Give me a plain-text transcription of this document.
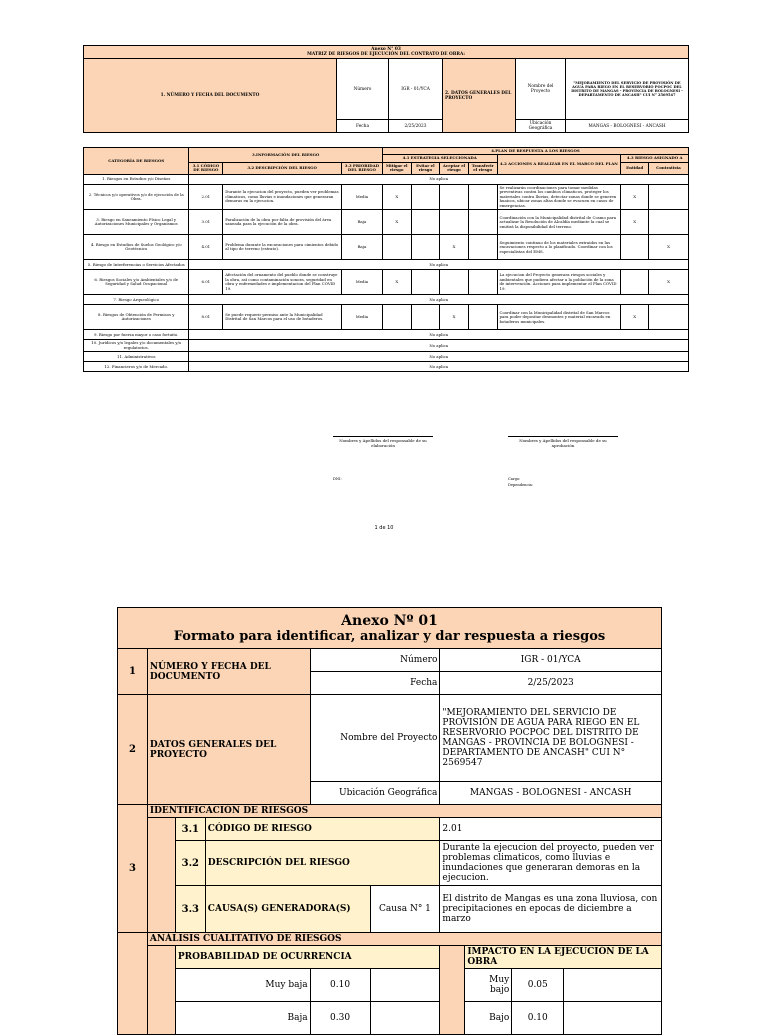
Anexo N° 03
MATRIZ DE RIESGOS DE EJECUCIÓN DEL CONTRATO DE OBRA:					

1. NÚMERO Y FECHA DEL DOCUMENTO	Número	IGR - 01/YCA	2. DATOS GENERALES DEL PROYECTO	Nombre del Proyecto	"MEJORAMIENTO DEL SERVICIO DE PROVISIÓN DE AGUA PARA RIEGO EN EL RESERVORIO POCPOC DEL DISTRITO DE MANGAS - PROVINCIA DE BOLOGNESI - DEPARTAMENTO DE ANCASH" CUI N° 2569547
	Fecha	2/25/2023		Ubicación Geográfica	MANGAS - BOLOGNESI - ANCASH
CATEGORÍA DE RIESGOS	3.INFORMACIÓN DEL RIESGO			4.PLAN DE RESPUESTA A LOS RIESGOS						
				4.1 ESTRATEGIA SELECCIONADA				4.2 ACCIONES A REALIZAR EN EL MARCO DEL PLAN	4.3 RIESGO ASIGNADO A	
	3.1 CÓDIGO DE RIESGO	3.2 DESCRIPCIÓN DEL RIESGO	3.3 PRIORIDAD DEL RIESGO	Mitigar el riesgo	Evitar el riesgo	Aceptar el riesgo	Transferir el riesgo		Entidad	Contratista
1. Riesgos en Estudios y/o Diseños	No aplica									
2. Técnicos y/o operativos y/o de ejecución de la Obra.	2.01	Durante la ejecucion del proyecto, pueden ver problemas climaticos, como lluvias e inundaciones que generaran demoras en la ejecucion.	Media	X				Se realizarán coordinaciones para tomar medidas preventivas contra los cambios climaticos, proteger los materiales contra lluvias, detectar zonas donde se generen huaicos, ubicar zonas altas donde se evacuen en casos de emergencias.	X	
3. Riesgo en Saneamiento Físico Legal y Autorizaciones Municipales y Organismos	3.01	Paralización de la obra por falta de provisión del área saneada para la ejecución de la obra.	Baja	X				Coordinación con la Municipalidad distrital de Cosmo para actualizar la Resolución de Alcaldía mediante la cual se emitirá la disponibilidad del terreno.	X	
4. Riesgo en Estudios de Suelos Geológico y/o Geotécnico	4.01	Problema durante la excavaciones para cimientos debido al tipo de terreno (estrato).	Baja			X		Seguimiento continuo de los materiales extraidos en las excavaciones respecto a lo planificado. Coordinar con los especialistas del EMS.		X
5. Riesgo de Interferencias o Servicios Afectados	No aplica									
6. Riesgos Sociales y/o Ambientales y/o de Seguridad y Salud Ocupacional	6.01	Afectación del ornamento del pueblo donde se construye la obra, así como contaminación sonora, seguridad en obra y enfermedades e implementacion del Plan COVID 19.	Media	X				La ejecucion del Proyecto generara riesgos sociales y ambientales que pudiera afectar a la población de la zona de intervención. Acciones para implementar el Plan COVID 19.		X
7. Riesgo Arqueológico	No aplica									
8. Riesgos de Obtención de Permisos y Autorizaciones	8.01	Se puede requerir permiso ante la Municipalidad Distrital de San Marcos para el uso de botaderos.	Media			X		Coordinar con la Municipalidad distrital de San Marcos para poder depositar desmontes y material excavado en botaderos municipales.	X	
9. Riesgo por fuerza mayor o caso fortuito.	No aplica									
10. Jurídicos y/o legales y/o documentales y/o regulatorios.	No aplica									
11. Administrativos	No aplica									
12. Financieros y/o de Mercado.	No aplica									
Nombres y Apellidos del responsable de su elaboración
Nombres y Apellidos del responsable de su aprobación
DNI:	Cargo:
Dependencia:
1 de 10
Anexo Nº 01
Formato para identificar, analizar y dar respuesta a riesgos									

1	NÚMERO Y FECHA DEL DOCUMENTO			Número		IGR - 01/YCA			
				Fecha		2/25/2023			
2	DATOS GENERALES DEL PROYECTO			Nombre del Proyecto		"MEJORAMIENTO DEL SERVICIO DE PROVISIÓN DE AGUA PARA RIEGO EN EL RESERVORIO POCPOC DEL DISTRITO DE MANGAS - PROVINCIA DE BOLOGNESI - DEPARTAMENTO DE ANCASH" CUI N° 2569547			
				Ubicación Geográfica		MANGAS - BOLOGNESI - ANCASH			
3	IDENTIFICACIÓN DE RIESGOS								
		3.1	CÓDIGO DE RIESGO			2.01			
		3.2	DESCRIPCIÓN DEL RIESGO			Durante la ejecucion del proyecto, pueden ver problemas climaticos, como lluvias e inundaciones que generaran demoras en la ejecucion.			
		3.3	CAUSA(S) GENERADORA(S)		Causa N° 1	El distrito de Mangas es una zona lluviosa, con precipitaciones en epocas de diciembre a marzo			
	ANÁLISIS CUALITATIVO DE RIESGOS								
		PROBABILIDAD DE OCURRENCIA					IMPACTO EN LA EJECUCIÓN DE LA OBRA		
		Muy baja		0.10			Muy bajo	0.05	
		Baja		0.30			Bajo	0.10	
